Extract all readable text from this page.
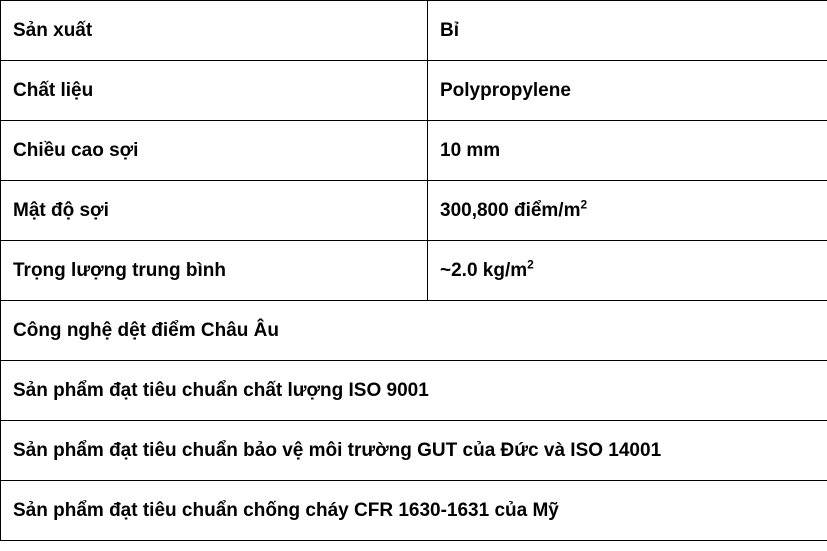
Sản xuất	Bỉ
Chất liệu	Polypropylene
Chiều cao sợi	10 mm
Mật độ sợi	300,800 điểm/$m^2$
Trọng lượng trung bình	~2.0 $kg/m^2$
Công nghệ dệt điểm Châu Âu	
Sản phẩm đạt tiêu chuẩn chất lượng ISO 9001	
Sản phẩm đạt tiêu chuẩn bảo vệ môi trường GUT của Đức và ISO 14001	
Sản phẩm đạt tiêu chuẩn chống cháy CFR 1630-1631 của Mỹ	
